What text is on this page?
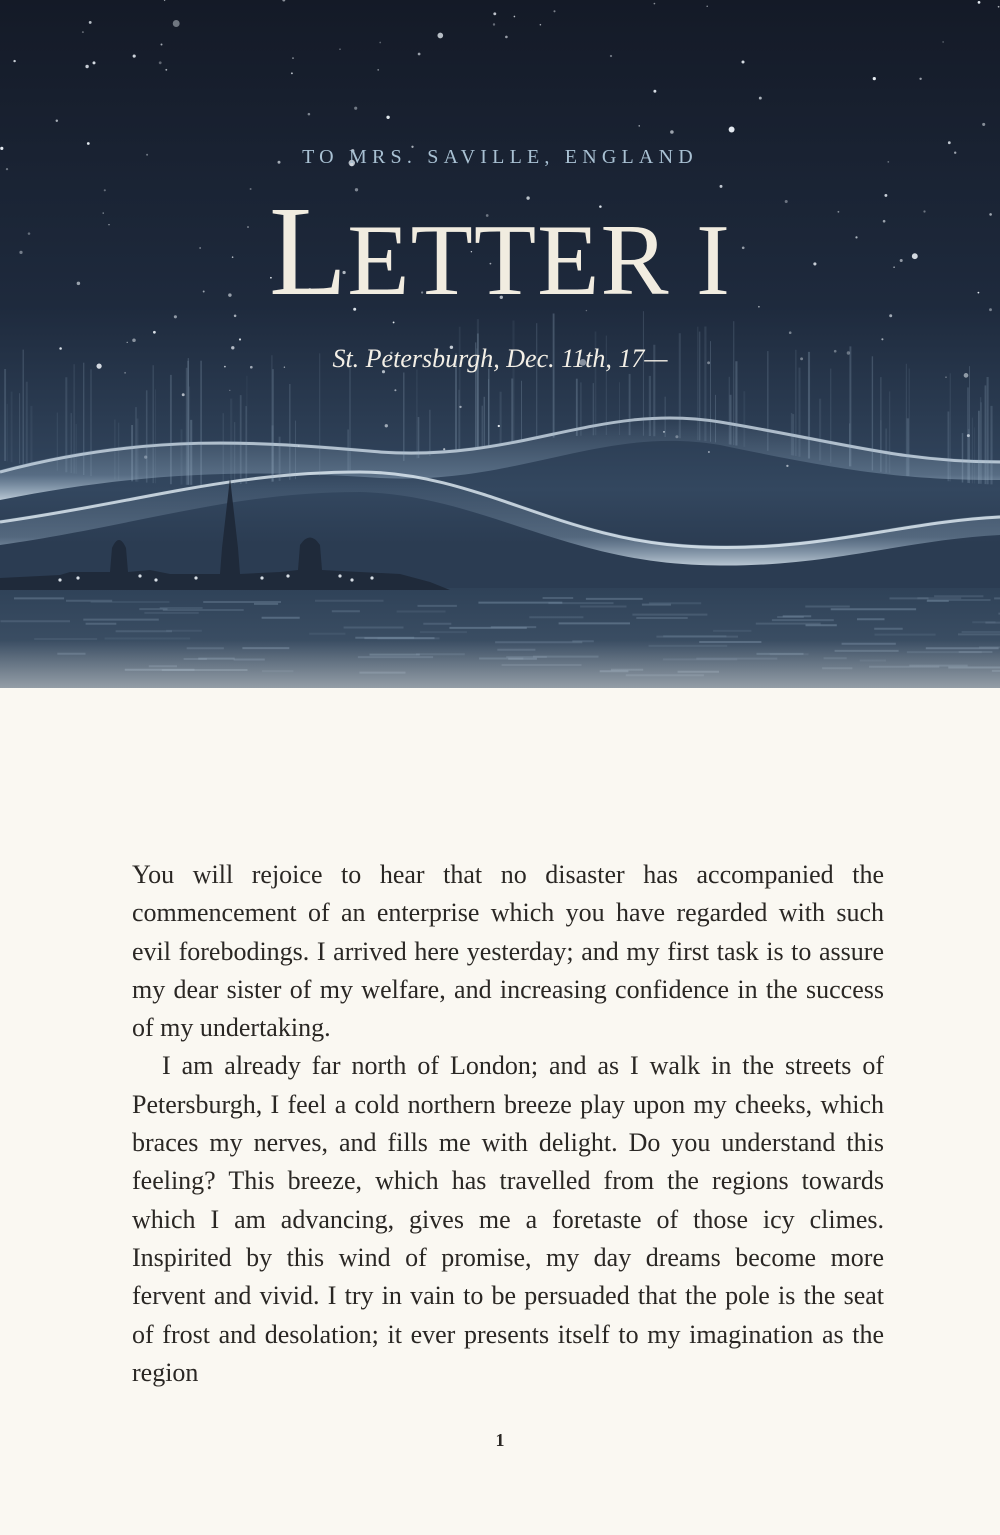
TO MRS. SAVILLE, ENGLAND
LETTER I
St. Petersburgh, Dec. 11th, 17—

You will rejoice to hear that no disaster has accompanied the commencement of an enterprise which you have regarded with such evil forebodings. I arrived here yesterday; and my first task is to assure my dear sister of my welfare, and increasing confidence in the success of my undertaking.

I am already far north of London; and as I walk in the streets of Petersburgh, I feel a cold northern breeze play upon my cheeks, which braces my nerves, and fills me with delight. Do you understand this feeling? This breeze, which has travelled from the regions towards which I am advancing, gives me a foretaste of those icy climes. Inspirited by this wind of promise, my day dreams become more fervent and vivid. I try in vain to be persuaded that the pole is the seat of frost and desolation; it ever presents itself to my imagination as the region

1
